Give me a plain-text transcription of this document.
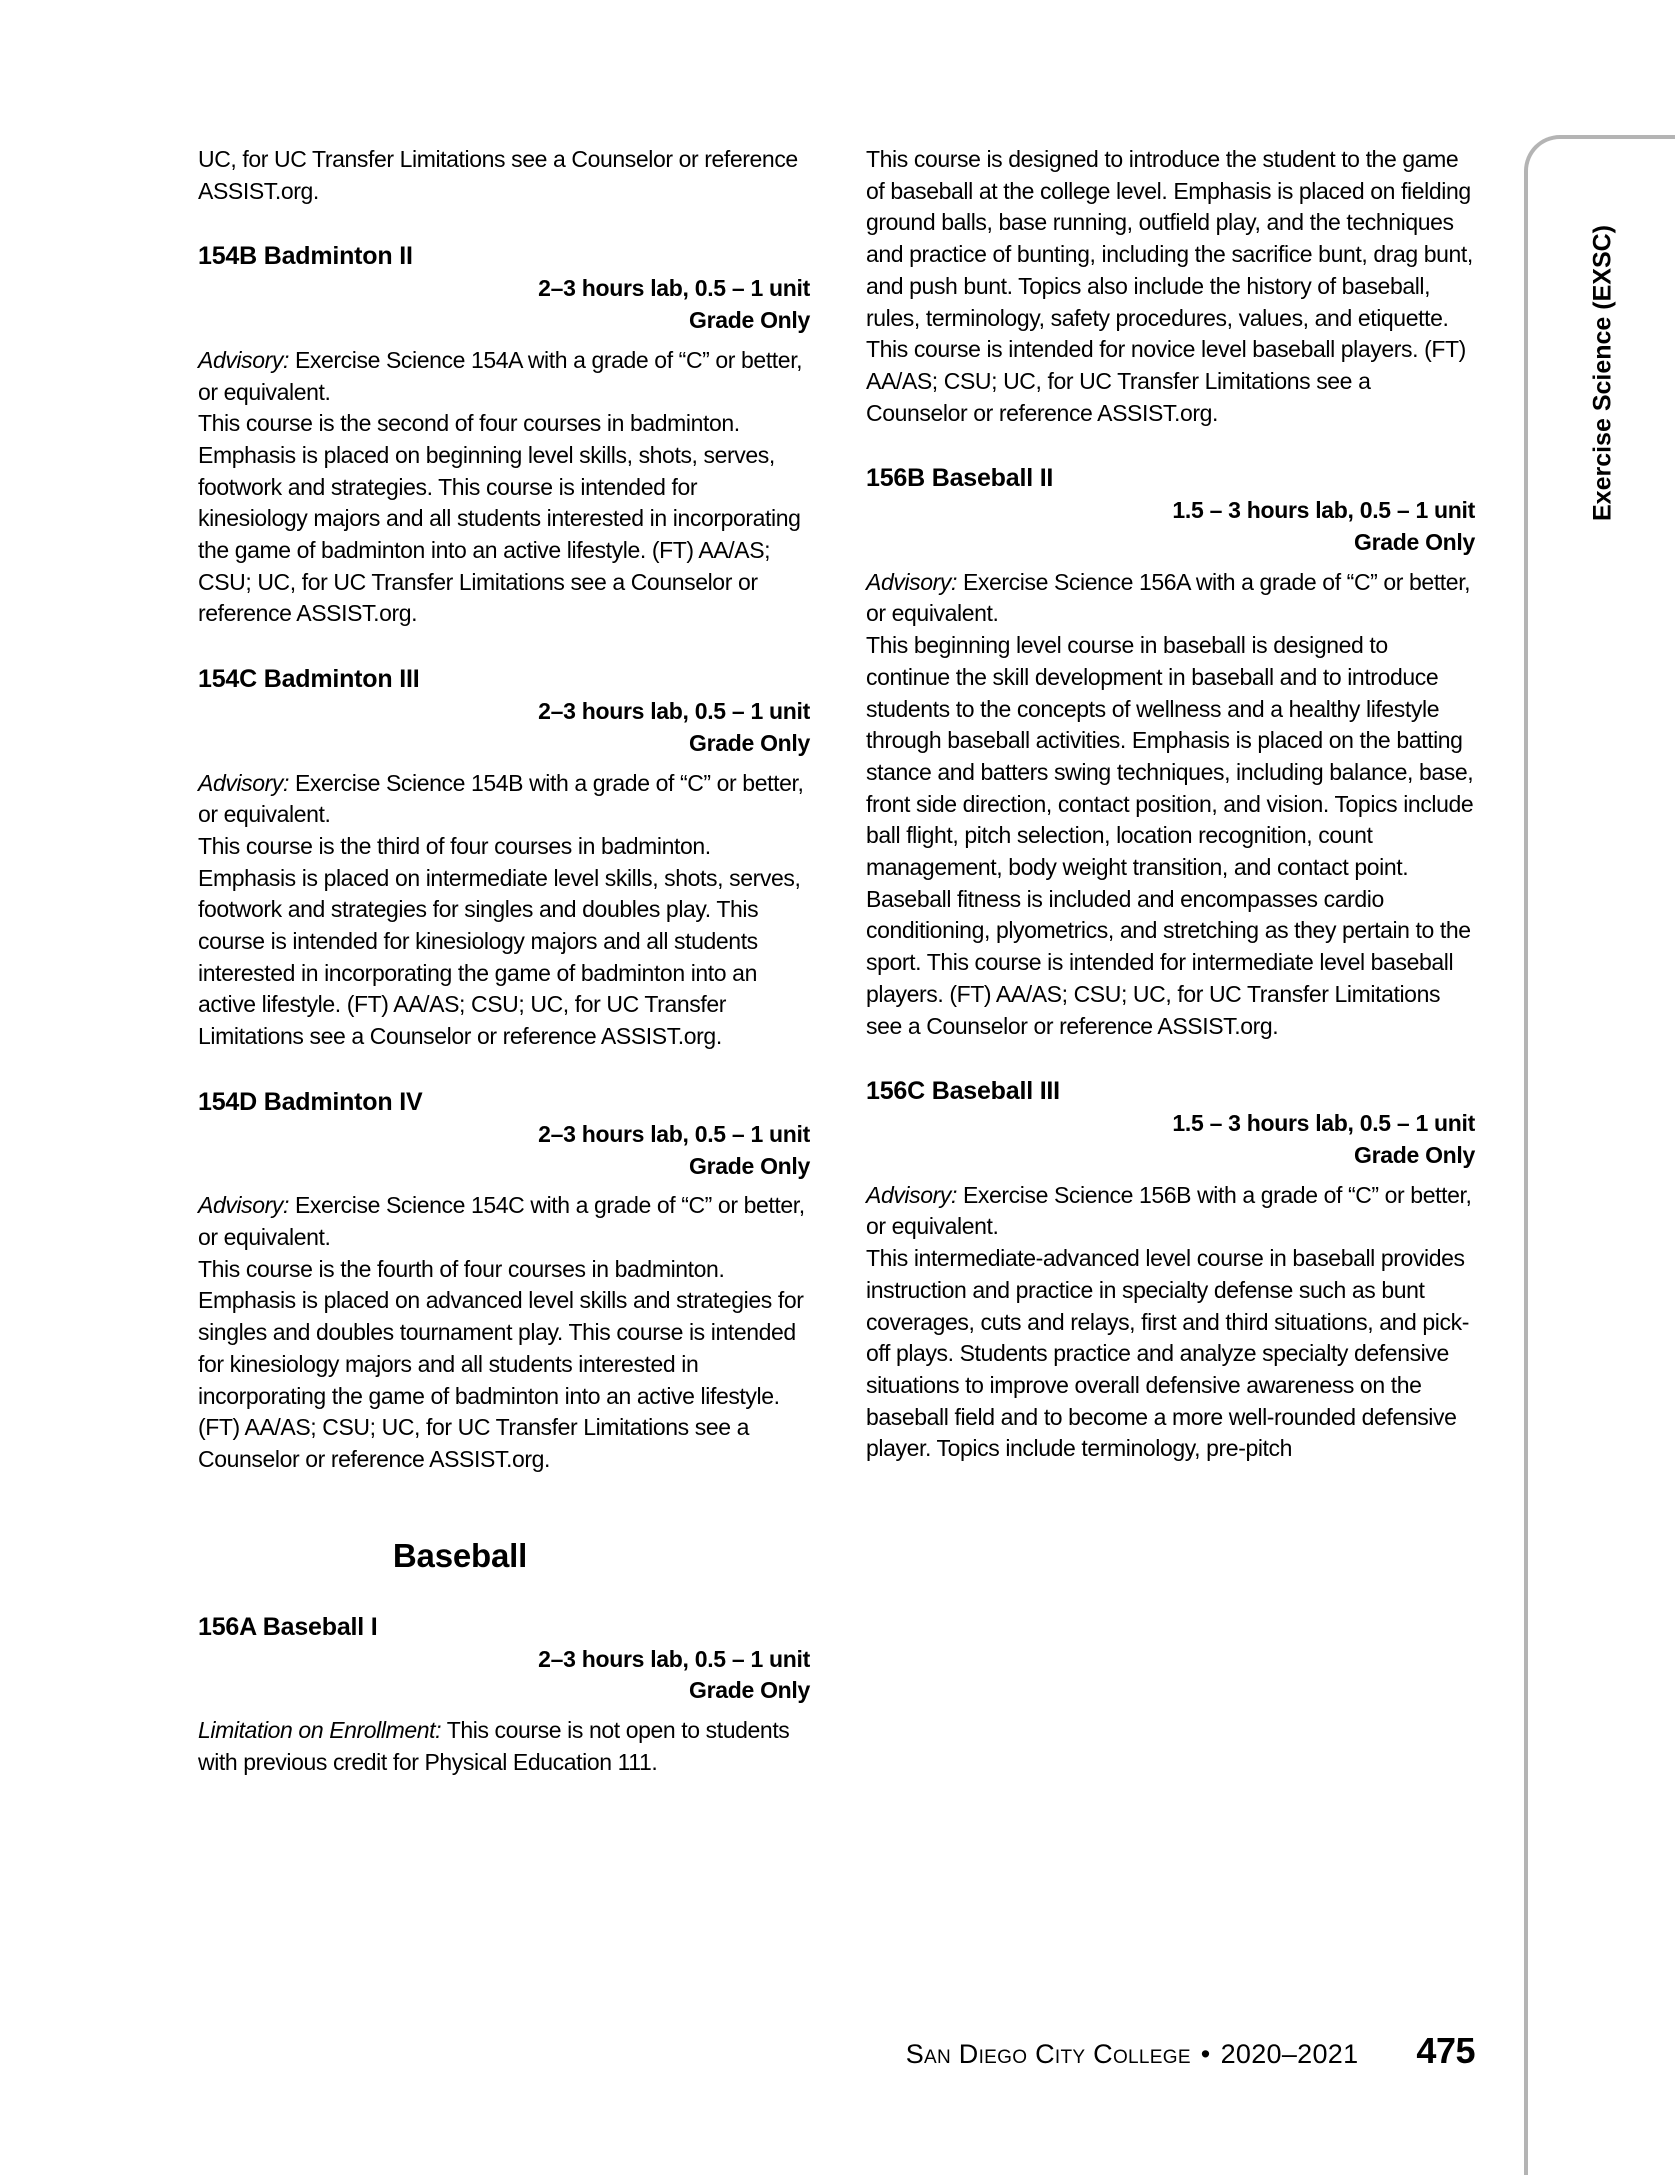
UC, for UC Transfer Limitations see a Counselor or reference ASSIST.org.

154B Badminton II
2–3 hours lab, 0.5 – 1 unit
Grade Only

Advisory: Exercise Science 154A with a grade of “C” or better, or equivalent.

This course is the second of four courses in badminton. Emphasis is placed on beginning level skills, shots, serves, footwork and strategies. This course is intended for kinesiology majors and all students interested in incorporating the game of badminton into an active lifestyle. (FT) AA/AS; CSU; UC, for UC Transfer Limitations see a Counselor or reference ASSIST.org.

154C Badminton III
2–3 hours lab, 0.5 – 1 unit
Grade Only

Advisory: Exercise Science 154B with a grade of “C” or better, or equivalent.

This course is the third of four courses in badminton. Emphasis is placed on intermediate level skills, shots, serves, footwork and strategies for singles and doubles play. This course is intended for kinesiology majors and all students interested in incorporating the game of badminton into an active lifestyle. (FT) AA/AS; CSU; UC, for UC Transfer Limitations see a Counselor or reference ASSIST.org.

154D Badminton IV
2–3 hours lab, 0.5 – 1 unit
Grade Only

Advisory: Exercise Science 154C with a grade of “C” or better, or equivalent.

This course is the fourth of four courses in badminton. Emphasis is placed on advanced level skills and strategies for singles and doubles tournament play. This course is intended for kinesiology majors and all students interested in incorporating the game of badminton into an active lifestyle. (FT) AA/AS; CSU; UC, for UC Transfer Limitations see a Counselor or reference ASSIST.org.

Baseball
156A Baseball I
2–3 hours lab, 0.5 – 1 unit
Grade Only

Limitation on Enrollment: This course is not open to students with previous credit for Physical Education 111.

This course is designed to introduce the student to the game of baseball at the college level. Emphasis is placed on fielding ground balls, base running, outfield play, and the techniques and practice of bunting, including the sacrifice bunt, drag bunt, and push bunt. Topics also include the history of baseball, rules, terminology, safety procedures, values, and etiquette. This course is intended for novice level baseball players. (FT) AA/AS; CSU; UC, for UC Transfer Limitations see a Counselor or reference ASSIST.org.

156B Baseball II
1.5 – 3 hours lab, 0.5 – 1 unit
Grade Only

Advisory: Exercise Science 156A with a grade of “C” or better, or equivalent.

This beginning level course in baseball is designed to continue the skill development in baseball and to introduce students to the concepts of wellness and a healthy lifestyle through baseball activities. Emphasis is placed on the batting stance and batters swing techniques, including balance, base, front side direction, contact position, and vision. Topics include ball flight, pitch selection, location recognition, count management, body weight transition, and contact point. Baseball fitness is included and encompasses cardio conditioning, plyometrics, and stretching as they pertain to the sport. This course is intended for intermediate level baseball players. (FT) AA/AS; CSU; UC, for UC Transfer Limitations see a Counselor or reference ASSIST.org.

156C Baseball III
1.5 – 3 hours lab, 0.5 – 1 unit
Grade Only

Advisory: Exercise Science 156B with a grade of “C” or better, or equivalent.

This intermediate-advanced level course in baseball provides instruction and practice in specialty defense such as bunt coverages, cuts and relays, first and third situations, and pick-off plays. Students practice and analyze specialty defensive situations to improve overall defensive awareness on the baseball field and to become a more well-rounded defensive player. Topics include terminology, pre-pitch

Exercise Science (EXSC)
San Diego City College • 2020–2021 475
